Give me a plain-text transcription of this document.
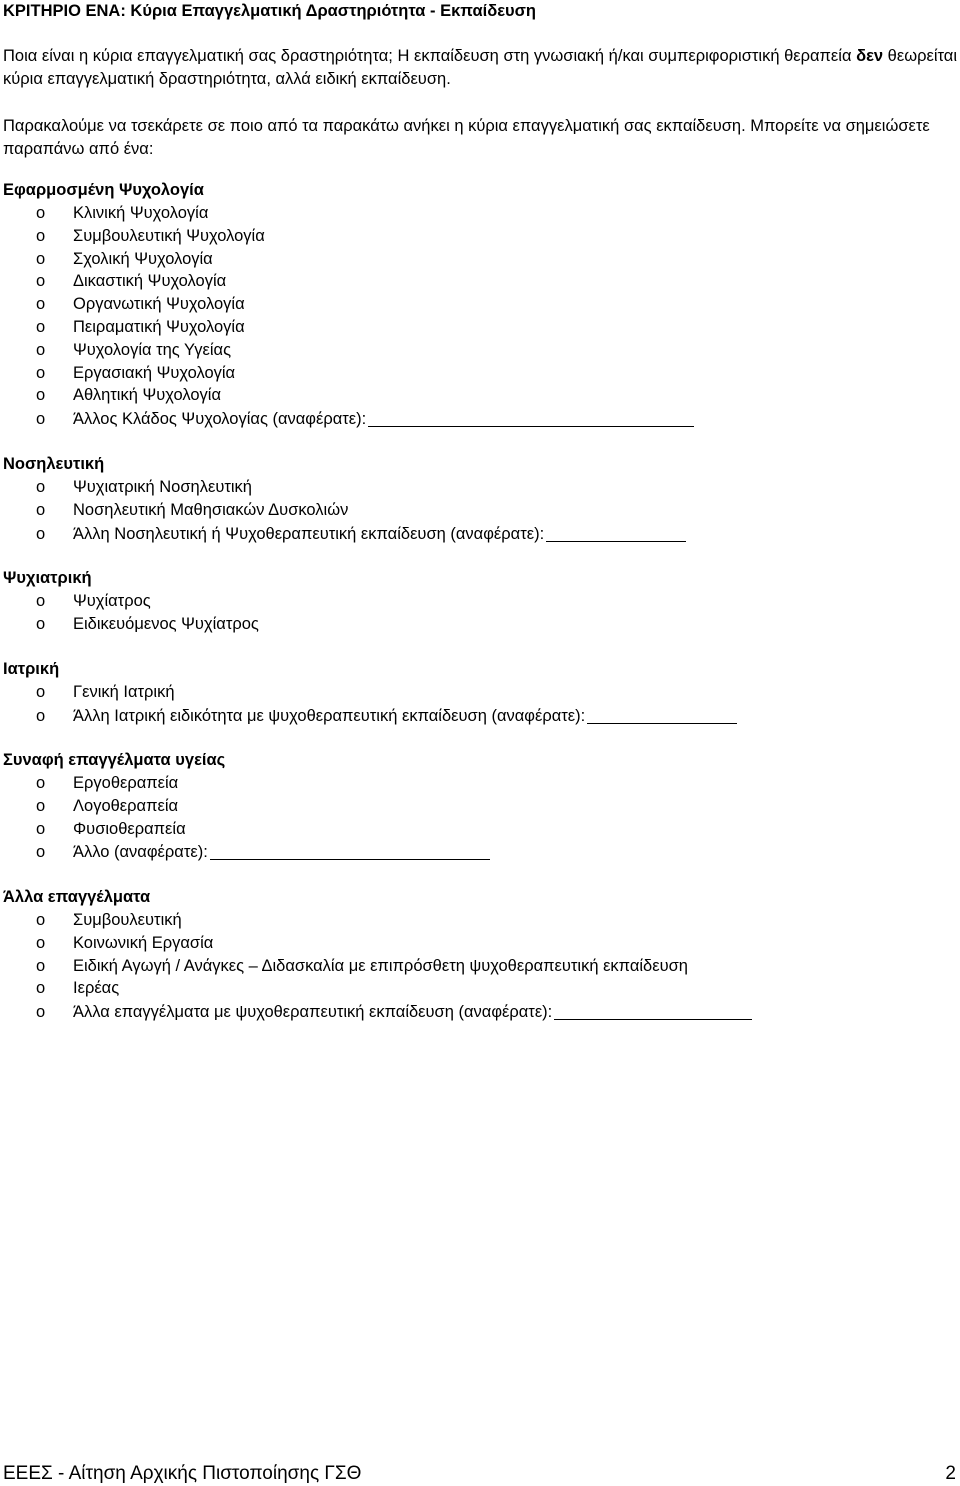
ΚΡΙΤΗΡΙΟ ΕΝΑ: Κύρια Επαγγελματική Δραστηριότητα - Εκπαίδευση
Ποια είναι η κύρια επαγγελματική σας δραστηριότητα; Η εκπαίδευση στη γνωσιακή ή/και συμπεριφοριστική θεραπεία δεν θεωρείται κύρια επαγγελματική δραστηριότητα, αλλά ειδική εκπαίδευση.
Παρακαλούμε να τσεκάρετε σε ποιο από τα παρακάτω ανήκει η κύρια επαγγελματική σας εκπαίδευση. Μπορείτε να σημειώσετε παραπάνω από ένα:
Εφαρμοσμένη Ψυχολογία
o	Κλινική Ψυχολογία
o	Συμβουλευτική Ψυχολογία
o	Σχολική Ψυχολογία
o	Δικαστική Ψυχολογία
o	Οργανωτική Ψυχολογία
o	Πειραματική Ψυχολογία
o	Ψυχολογία της Υγείας
o	Εργασιακή Ψυχολογία
o	Αθλητική Ψυχολογία
o	Άλλος Κλάδος Ψυχολογίας (αναφέρατε):
Νοσηλευτική
o	Ψυχιατρική Νοσηλευτική
o	Νοσηλευτική Μαθησιακών Δυσκολιών
o	Άλλη Νοσηλευτική ή Ψυχοθεραπευτική εκπαίδευση (αναφέρατε):
Ψυχιατρική
o	Ψυχίατρος
o	Ειδικευόμενος Ψυχίατρος
Ιατρική
o	Γενική Ιατρική
o	Άλλη Ιατρική ειδικότητα με ψυχοθεραπευτική εκπαίδευση (αναφέρατε):
Συναφή επαγγέλματα υγείας
o	Εργοθεραπεία
o	Λογοθεραπεία
o	Φυσιοθεραπεία
o	Άλλο (αναφέρατε):
Άλλα επαγγέλματα
o	Συμβουλευτική
o	Κοινωνική Εργασία
o	Ειδική Αγωγή / Ανάγκες – Διδασκαλία με επιπρόσθετη ψυχοθεραπευτική εκπαίδευση
o	Ιερέας
o	Άλλα επαγγέλματα με ψυχοθεραπευτική εκπαίδευση (αναφέρατε):
ΕΕΕΣ - Αίτηση Αρχικής Πιστοποίησης ΓΣΘ	2
